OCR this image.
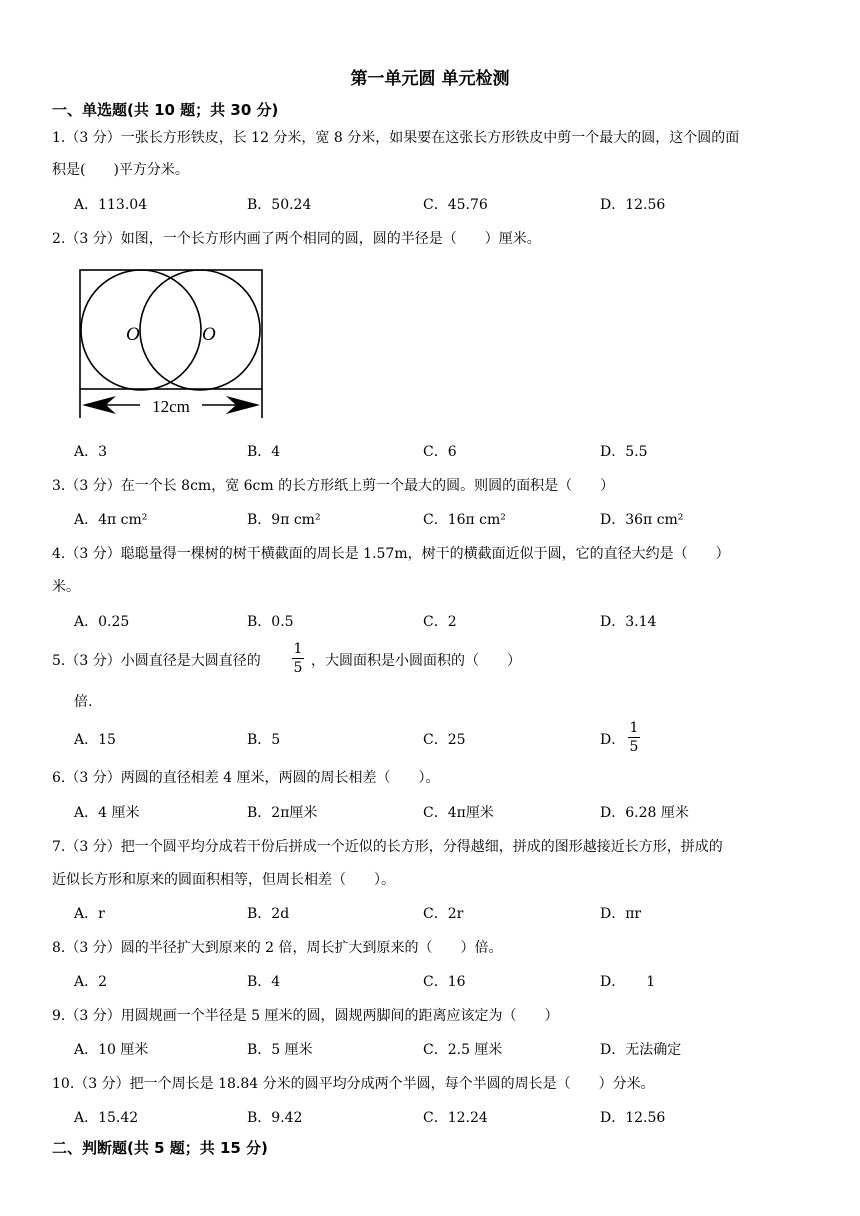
第一单元圆 单元检测
一、单选题(共 10 题；共 30 分)
1.（3 分）一张长方形铁皮，长 12 分米，宽 8 分米，如果要在这张长方形铁皮中剪一个最大的圆，这个圆的面
积是(　　)平方分米。
A．113.04	B．50.24	C．45.76	D．12.56
2.（3 分）如图，一个长方形内画了两个相同的圆，圆的半径是（　　）厘米。
O	O
12cm
A．3	B．4	C．6	D．5.5
3.（3 分）在一个长 8cm，宽 6cm 的长方形纸上剪一个最大的圆。则圆的面积是（　　）
A．4π cm²	B．9π cm²	C．16π cm²	D．36π cm²
4.（3 分）聪聪量得一棵树的树干横截面的周长是 1.57m，树干的横截面近似于圆，它的直径大约是（　　）
米。
A．0.25	B．0.5	C．2	D．3.14
5.（3 分）小圆直径是大圆直径的
1
5 ，大圆面积是小圆面积的（　　）
倍.
A．15	B．5	C．25	D．
1
5
6.（3 分）两圆的直径相差 4 厘米，两圆的周长相差（　　）。
A．4 厘米	B．2π厘米	C．4π厘米	D．6.28 厘米
7.（3 分）把一个圆平均分成若干份后拼成一个近似的长方形，分得越细，拼成的图形越接近长方形，拼成的
近似长方形和原来的圆面积相等，但周长相差（　　）。
A．r	B．2d	C．2r	D．πr
8.（3 分）圆的半径扩大到原来的 2 倍，周长扩大到原来的（　　）倍。
A．2	B．4	C．16	D．　　1
9.（3 分）用圆规画一个半径是 5 厘米的圆，圆规两脚间的距离应该定为（　　）
A．10 厘米	B．5 厘米	C．2.5 厘米	D．无法确定
10.（3 分）把一个周长是 18.84 分米的圆平均分成两个半圆，每个半圆的周长是（　　）分米。
A．15.42	B．9.42	C．12.24	D．12.56
二、判断题(共 5 题；共 15 分)
